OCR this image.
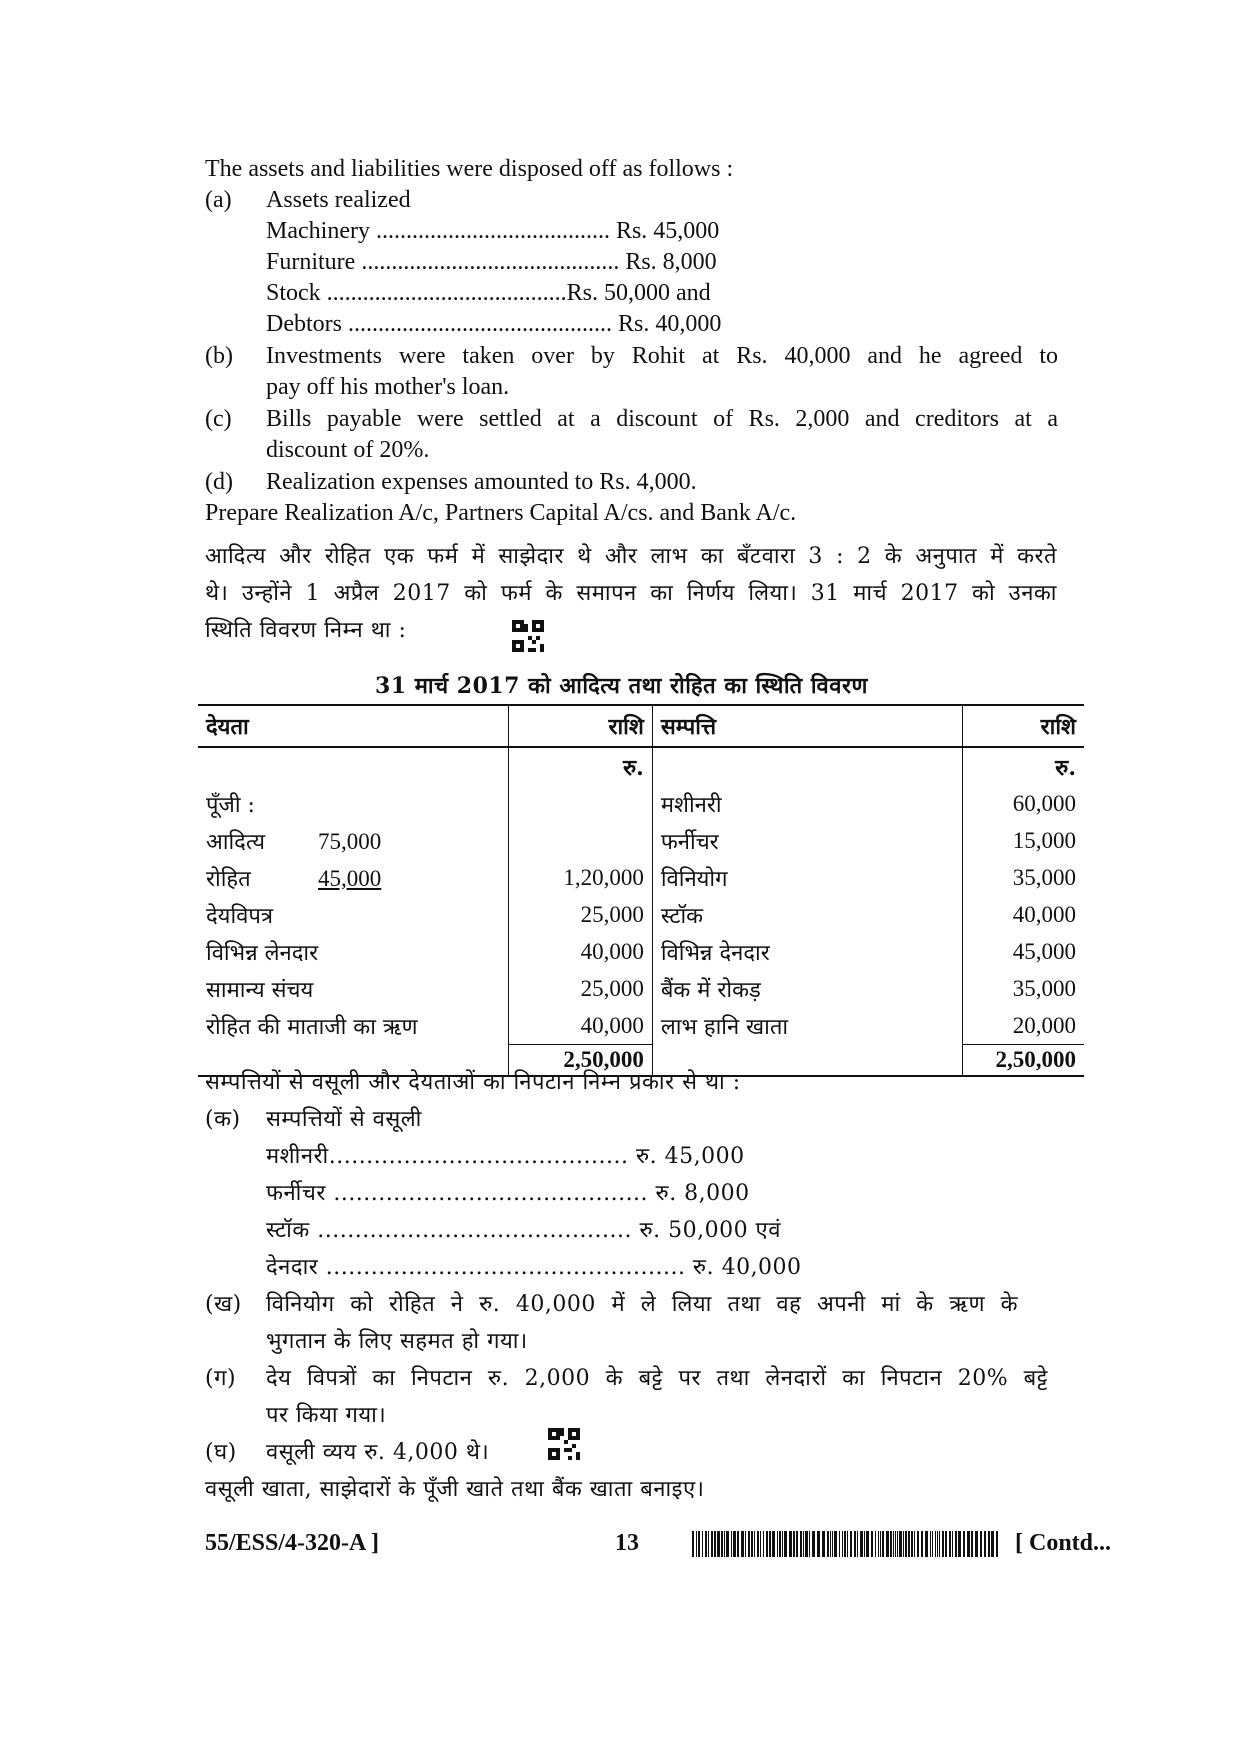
The assets and liabilities were disposed off as follows :
(a) Assets realized
Machinery ....................................... Rs. 45,000
Furniture ........................................... Rs. 8,000
Stock ........................................Rs. 50,000 and
Debtors ............................................ Rs. 40,000
(b) Investments were taken over by Rohit at Rs. 40,000 and he agreed to
pay off his mother's loan.
(c) Bills payable were settled at a discount of Rs. 2,000 and creditors at a
discount of 20%.
(d) Realization expenses amounted to Rs. 4,000.
Prepare Realization A/c, Partners Capital A/cs. and Bank A/c.
आदित्य और रोहित एक फर्म में साझेदार थे और लाभ का बँटवारा 3 : 2 के अनुपात में करते
थे। उन्होंने 1 अप्रैल 2017 को फर्म के समापन का निर्णय लिया। 31 मार्च 2017 को उनका
स्थिति विवरण निम्न था :
31 मार्च 2017 को आदित्य तथा रोहित का स्थिति विवरण
देयता	राशि	सम्पत्ति	राशि
	रु.		रु.
पूँजी :		मशीनरी	60,000
आदित्य 75,000		फर्नीचर	15,000
रोहित 45,000	1,20,000	विनियोग	35,000
देयविपत्र	25,000	स्टॉक	40,000
विभिन्न लेनदार	40,000	विभिन्न देनदार	45,000
सामान्य संचय	25,000	बैंक में रोकड़	35,000
रोहित की माताजी का ऋण	40,000	लाभ हानि खाता	20,000
	2,50,000		2,50,000
सम्पत्तियों से वसूली और देयताओं का निपटान निम्न प्रकार से था :
(क) सम्पत्तियों से वसूली
मशीनरी........................................ रु. 45,000
फर्नीचर .......................................... रु. 8,000
स्टॉक .......................................... रु. 50,000 एवं
देनदार ................................................ रु. 40,000
(ख) विनियोग को रोहित ने रु. 40,000 में ले लिया तथा वह अपनी मां के ऋण के
भुगतान के लिए सहमत हो गया।
(ग) देय विपत्रों का निपटान रु. 2,000 के बट्टे पर तथा लेनदारों का निपटान 20% बट्टे
पर किया गया।
(घ) वसूली व्यय रु. 4,000 थे।
वसूली खाता, साझेदारों के पूँजी खाते तथा बैंक खाता बनाइए।
55/ESS/4-320-A ]	13	[ Contd...
